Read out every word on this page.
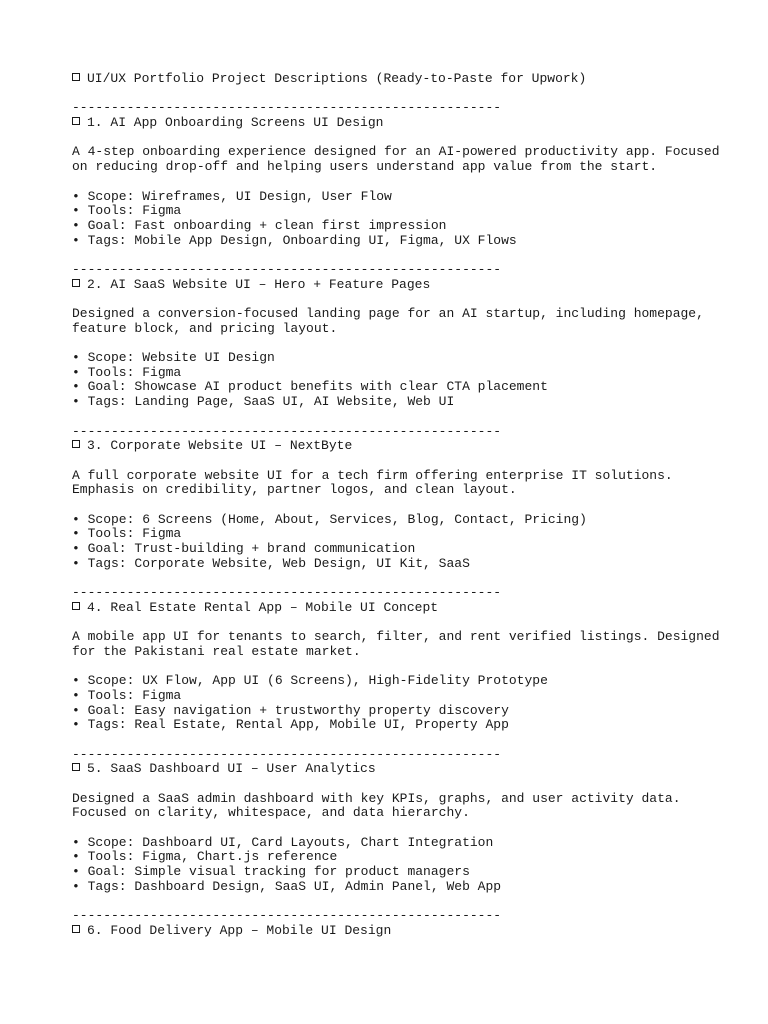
UI/UX Portfolio Project Descriptions (Ready-to-Paste for Upwork)
-------------------------------------------------------
1. AI App Onboarding Screens UI Design
A 4-step onboarding experience designed for an AI-powered productivity app. Focused
on reducing drop-off and helping users understand app value from the start.
• Scope: Wireframes, UI Design, User Flow
• Tools: Figma
• Goal: Fast onboarding + clean first impression
• Tags: Mobile App Design, Onboarding UI, Figma, UX Flows
-------------------------------------------------------
2. AI SaaS Website UI – Hero + Feature Pages
Designed a conversion-focused landing page for an AI startup, including homepage,
feature block, and pricing layout.
• Scope: Website UI Design
• Tools: Figma
• Goal: Showcase AI product benefits with clear CTA placement
• Tags: Landing Page, SaaS UI, AI Website, Web UI
-------------------------------------------------------
3. Corporate Website UI – NextByte
A full corporate website UI for a tech firm offering enterprise IT solutions.
Emphasis on credibility, partner logos, and clean layout.
• Scope: 6 Screens (Home, About, Services, Blog, Contact, Pricing)
• Tools: Figma
• Goal: Trust-building + brand communication
• Tags: Corporate Website, Web Design, UI Kit, SaaS
-------------------------------------------------------
4. Real Estate Rental App – Mobile UI Concept
A mobile app UI for tenants to search, filter, and rent verified listings. Designed
for the Pakistani real estate market.
• Scope: UX Flow, App UI (6 Screens), High-Fidelity Prototype
• Tools: Figma
• Goal: Easy navigation + trustworthy property discovery
• Tags: Real Estate, Rental App, Mobile UI, Property App
-------------------------------------------------------
5. SaaS Dashboard UI – User Analytics
Designed a SaaS admin dashboard with key KPIs, graphs, and user activity data.
Focused on clarity, whitespace, and data hierarchy.
• Scope: Dashboard UI, Card Layouts, Chart Integration
• Tools: Figma, Chart.js reference
• Goal: Simple visual tracking for product managers
• Tags: Dashboard Design, SaaS UI, Admin Panel, Web App
-------------------------------------------------------
6. Food Delivery App – Mobile UI Design
